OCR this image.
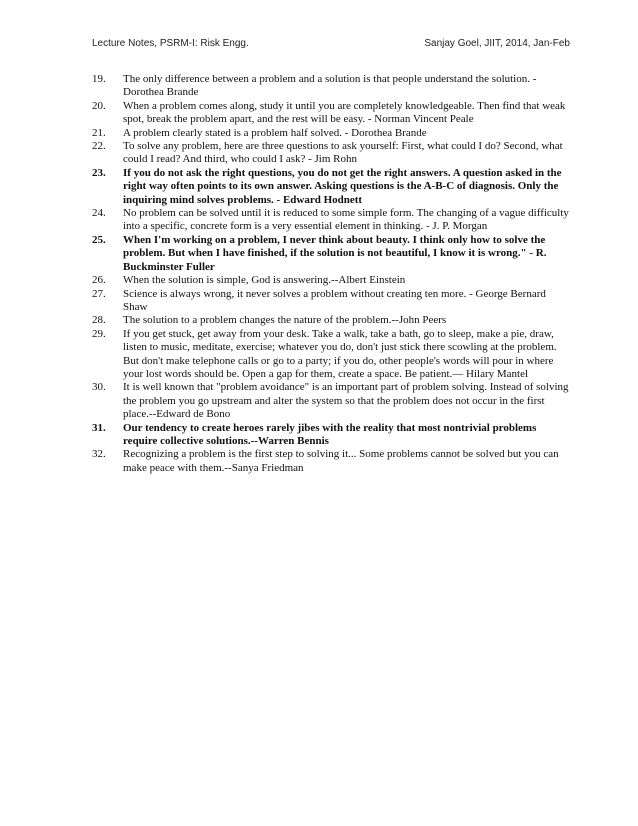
Lecture Notes, PSRM-I: Risk Engg.	Sanjay Goel, JIIT, 2014, Jan-Feb
19.	The only difference between a problem and a solution is that people understand the solution. - Dorothea Brande
20.	When a problem comes along, study it until you are completely knowledgeable. Then find that weak spot, break the problem apart, and the rest will be easy. - Norman Vincent Peale
21.	A problem clearly stated is a problem half solved. - Dorothea Brande
22.	To solve any problem, here are three questions to ask yourself: First, what could I do? Second, what could I read? And third, who could I ask? - Jim Rohn
23.	If you do not ask the right questions, you do not get the right answers. A question asked in the right way often points to its own answer. Asking questions is the A-B-C of diagnosis. Only the inquiring mind solves problems. - Edward Hodnett
24.	No problem can be solved until it is reduced to some simple form. The changing of a vague difficulty into a specific, concrete form is a very essential element in thinking. - J. P. Morgan
25.	When I'm working on a problem, I never think about beauty. I think only how to solve the problem. But when I have finished, if the solution is not beautiful, I know it is wrong." - R. Buckminster Fuller
26.	When the solution is simple, God is answering.--Albert Einstein
27.	Science is always wrong, it never solves a problem without creating ten more. - George Bernard Shaw
28.	The solution to a problem changes the nature of the problem.--John Peers
29.	If you get stuck, get away from your desk. Take a walk, take a bath, go to sleep, make a pie, draw, listen to music, meditate, exercise; whatever you do, don't just stick there scowling at the problem. But don't make telephone calls or go to a party; if you do, other people's words will pour in where your lost words should be. Open a gap for them, create a space. Be patient.— Hilary Mantel
30.	It is well known that "problem avoidance" is an important part of problem solving. Instead of solving the problem you go upstream and alter the system so that the problem does not occur in the first place.--Edward de Bono
31.	Our tendency to create heroes rarely jibes with the reality that most nontrivial problems require collective solutions.--Warren Bennis
32.	Recognizing a problem is the first step to solving it... Some problems cannot be solved but you can make peace with them.--Sanya Friedman
